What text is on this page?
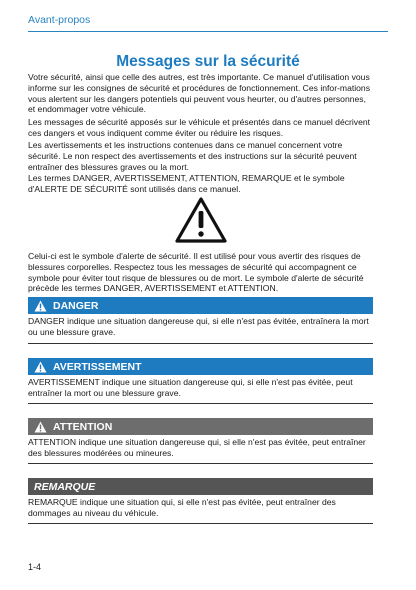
Avant-propos
Messages sur la sécurité

Votre sécurité, ainsi que celle des autres, est très importante. Ce manuel d'utilisation vous informe sur les consignes de sécurité et procédures de fonctionnement. Ces infor-mations vous alertent sur les dangers potentiels qui peuvent vous heurter, ou d'autres personnes, et endommager votre véhicule.

Les messages de sécurité apposés sur le véhicule et présentés dans ce manuel décrivent ces dangers et vous indiquent comme éviter ou réduire les risques.

Les avertissements et les instructions contenues dans ce manuel concernent votre sécurité. Le non respect des avertissements et des instructions sur la sécurité peuvent entraîner des blessures graves ou la mort.

Les termes DANGER, AVERTISSEMENT, ATTENTION, REMARQUE et le symbole d'ALERTE DE SÉCURITÉ sont utilisés dans ce manuel.

Celui-ci est le symbole d'alerte de sécurité. Il est utilisé pour vous avertir des risques de blessures corporelles. Respectez tous les messages de sécurité qui accompagnent ce symbole pour éviter tout risque de blessures ou de mort. Le symbole d'alerte de sécurité précède les termes DANGER, AVERTISSEMENT et ATTENTION.

DANGER

DANGER indique une situation dangereuse qui, si elle n'est pas évitée, entraînera la mort ou une blessure grave.

AVERTISSEMENT

AVERTISSEMENT indique une situation dangereuse qui, si elle n'est pas évitée, peut entraîner la mort ou une blessure grave.

ATTENTION

ATTENTION indique une situation dangereuse qui, si elle n'est pas évitée, peut entraîner des blessures modérées ou mineures.

REMARQUE

REMARQUE indique une situation qui, si elle n'est pas évitée, peut entraîner des dommages au niveau du véhicule.

1-4
